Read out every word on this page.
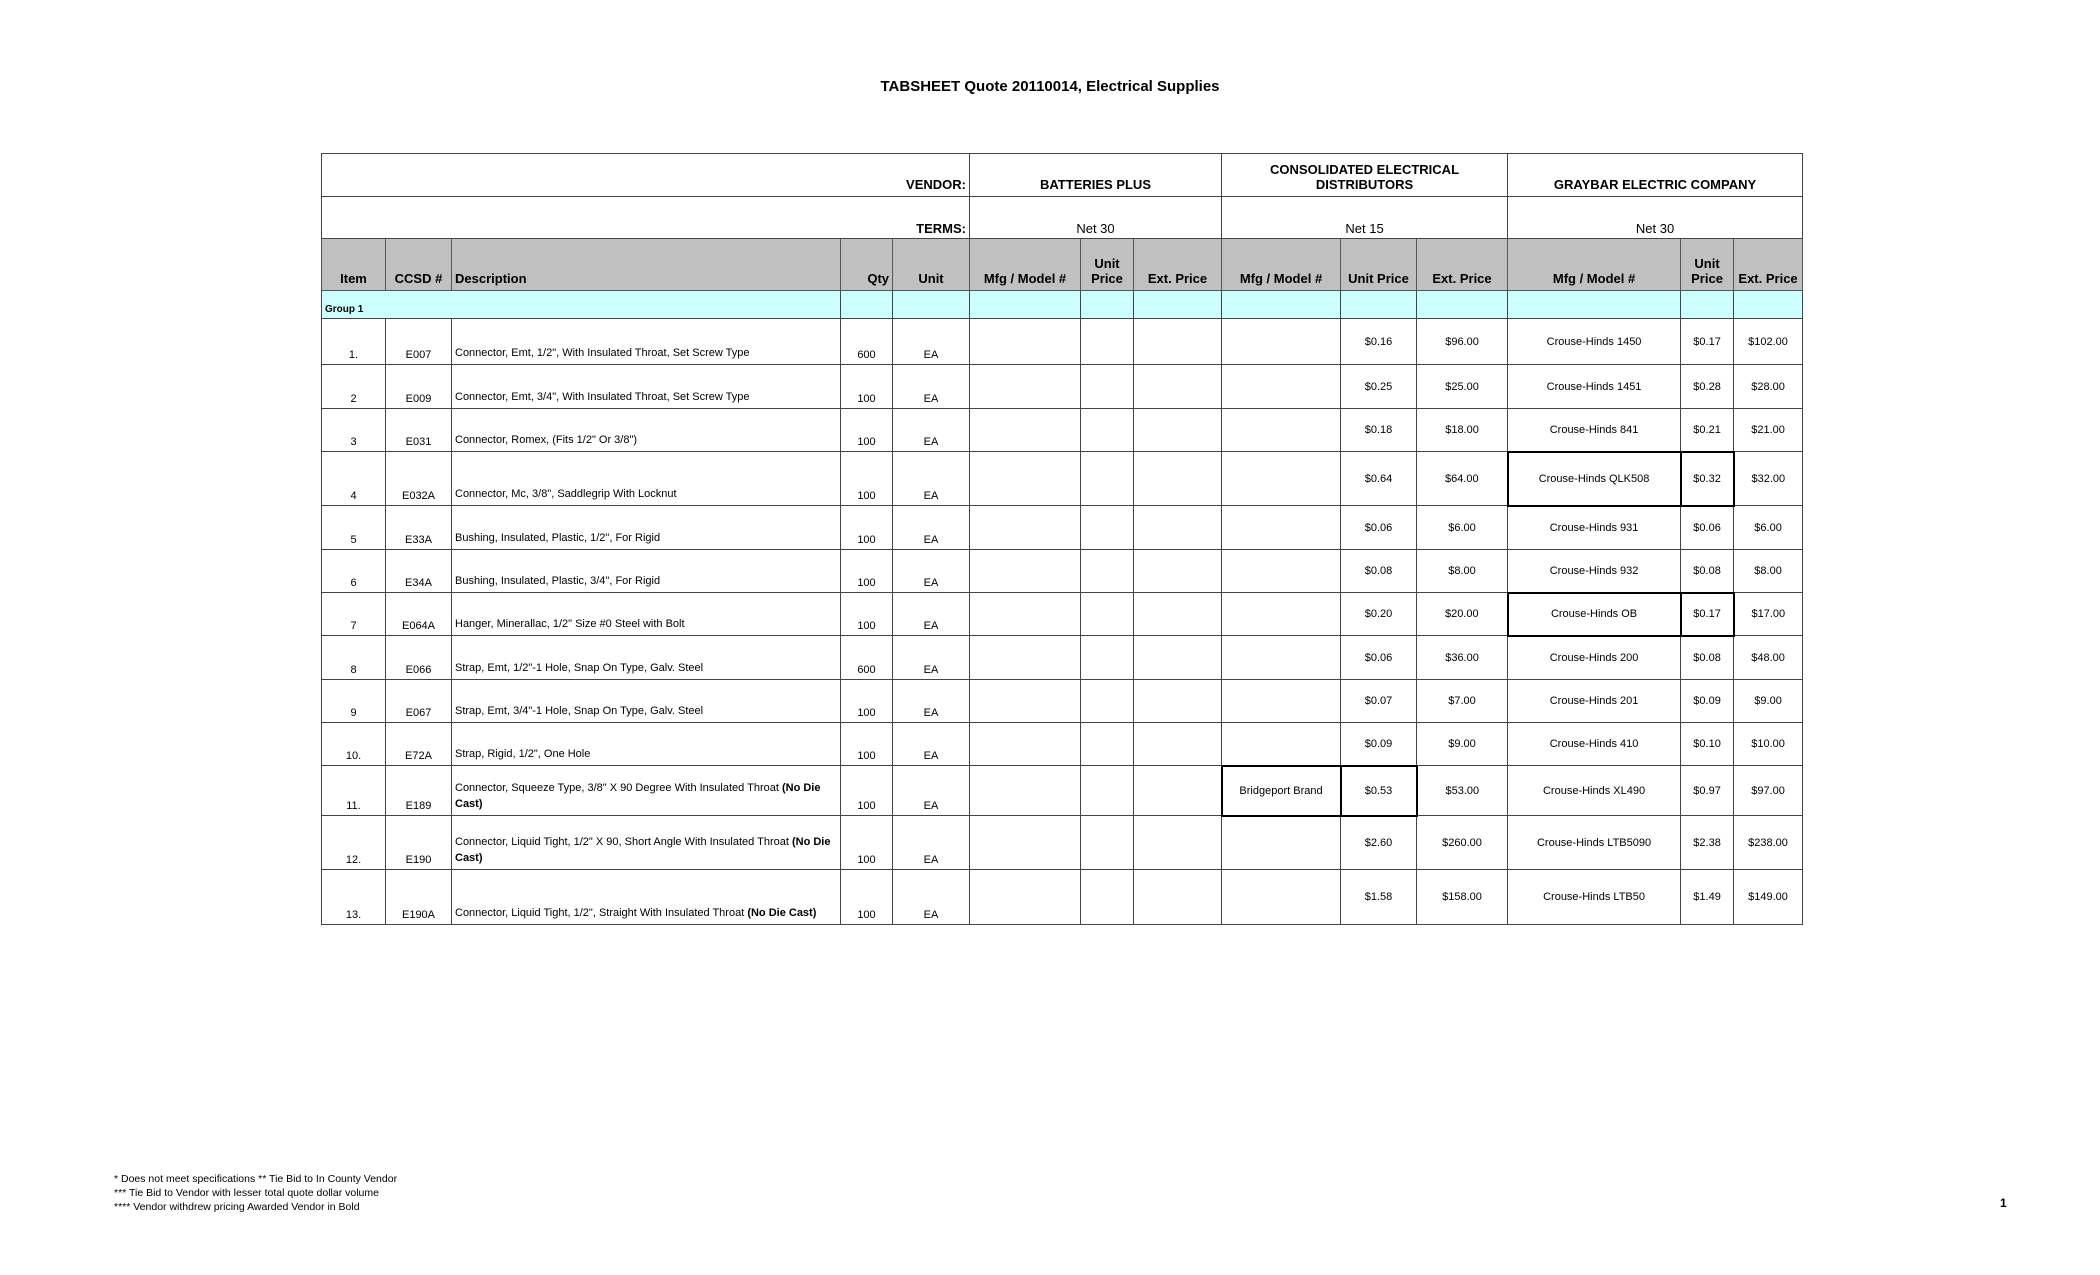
TABSHEET Quote 20110014, Electrical Supplies
VENDOR:					BATTERIES PLUS			CONSOLIDATED ELECTRICAL DISTRIBUTORS			GRAYBAR ELECTRIC COMPANY		
TERMS:					Net 30			Net 15			Net 30		
Item	CCSD #	Description	Qty	Unit	Mfg / Model #	Unit Price	Ext. Price	Mfg / Model #	Unit Price	Ext. Price	Mfg / Model #	Unit Price	Ext. Price
Group 1													
1.	E007	Connector, Emt, 1/2", With Insulated Throat, Set Screw Type	600	EA					$0.16	$96.00	Crouse-Hinds 1450	$0.17	$102.00
2	E009	Connector, Emt, 3/4", With Insulated Throat, Set Screw Type	100	EA					$0.25	$25.00	Crouse-Hinds 1451	$0.28	$28.00
3	E031	Connector, Romex, (Fits 1/2" Or 3/8")	100	EA					$0.18	$18.00	Crouse-Hinds 841	$0.21	$21.00
4	E032A	Connector, Mc, 3/8", Saddlegrip With Locknut	100	EA					$0.64	$64.00	Crouse-Hinds QLK508	$0.32	$32.00
5	E33A	Bushing, Insulated, Plastic, 1/2", For Rigid	100	EA					$0.06	$6.00	Crouse-Hinds 931	$0.06	$6.00
6	E34A	Bushing, Insulated, Plastic, 3/4", For Rigid	100	EA					$0.08	$8.00	Crouse-Hinds 932	$0.08	$8.00
7	E064A	Hanger, Minerallac, 1/2" Size #0 Steel with Bolt	100	EA					$0.20	$20.00	Crouse-Hinds OB	$0.17	$17.00
8	E066	Strap, Emt, 1/2"-1 Hole, Snap On Type, Galv. Steel	600	EA					$0.06	$36.00	Crouse-Hinds 200	$0.08	$48.00
9	E067	Strap, Emt, 3/4"-1 Hole, Snap On Type, Galv. Steel	100	EA					$0.07	$7.00	Crouse-Hinds 201	$0.09	$9.00
10.	E72A	Strap, Rigid, 1/2", One Hole	100	EA					$0.09	$9.00	Crouse-Hinds 410	$0.10	$10.00
11.	E189	Connector, Squeeze Type, 3/8" X 90 Degree With Insulated Throat (No Die Cast)	100	EA				Bridgeport Brand	$0.53	$53.00	Crouse-Hinds XL490	$0.97	$97.00
12.	E190	Connector, Liquid Tight, 1/2" X 90, Short Angle With Insulated Throat (No Die Cast)	100	EA					$2.60	$260.00	Crouse-Hinds LTB5090	$2.38	$238.00
13.	E190A	Connector, Liquid Tight, 1/2", Straight With Insulated Throat (No Die Cast)	100	EA					$1.58	$158.00	Crouse-Hinds LTB50	$1.49	$149.00
* Does not meet specifications ** Tie Bid to In County Vendor
*** Tie Bid to Vendor with lesser total quote dollar volume
**** Vendor withdrew pricing Awarded Vendor in Bold	1
